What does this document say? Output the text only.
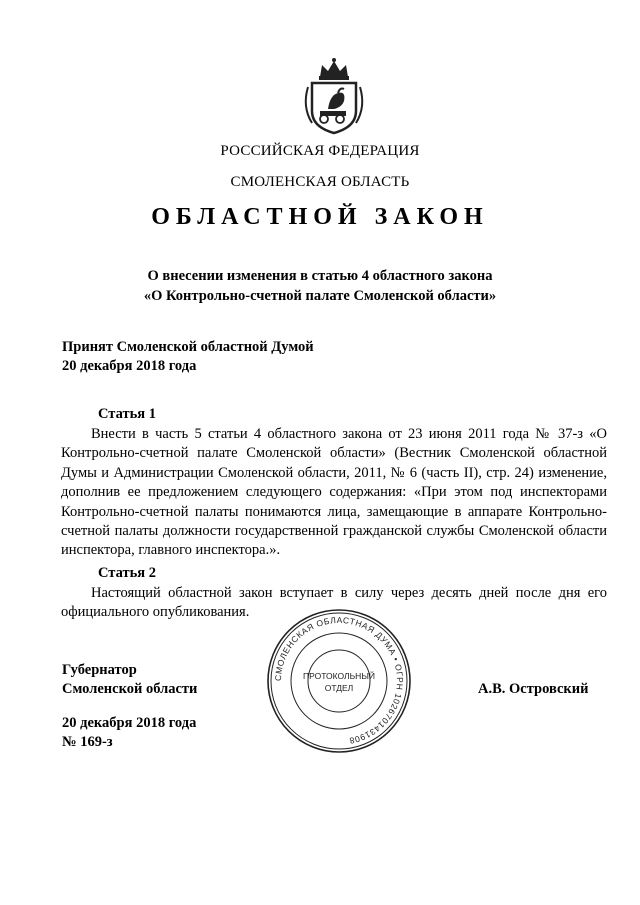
РОССИЙСКАЯ ФЕДЕРАЦИЯ
СМОЛЕНСКАЯ ОБЛАСТЬ
ОБЛАСТНОЙ ЗАКОН
О внесении изменения в статью 4 областного закона
«О Контрольно-счетной палате Смоленской области»
Принят Смоленской областной Думой
20 декабря 2018 года
Статья 1
Внести в часть 5 статьи 4 областного закона от 23 июня 2011 года № 37-з «О Контрольно-счетной палате Смоленской области» (Вестник Смоленской областной Думы и Администрации Смоленской области, 2011, № 6 (часть II), стр. 24) изменение, дополнив ее предложением следующего содержания: «При этом под инспекторами Контрольно-счетной палаты понимаются лица, замещающие в аппарате Контрольно-счетной палаты должности государственной гражданской службы Смоленской области инспектора, главного инспектора.».
Статья 2
Настоящий областной закон вступает в силу через десять дней после дня его официального опубликования.
Губернатор
Смоленской области	А.В. Островский
20 декабря 2018 года
№ 169-з
СМОЛЕНСКАЯ ОБЛАСТНАЯ ДУМА • ОГРН 1026701431908
ПРОТОКОЛЬНЫЙ
ОТДЕЛ
